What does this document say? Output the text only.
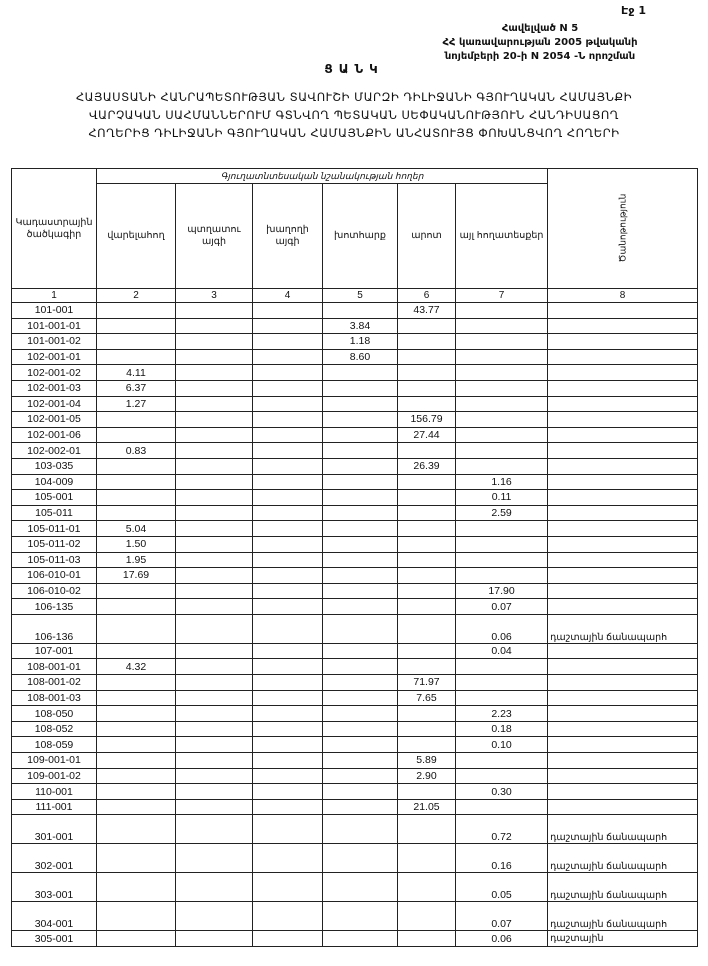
Էջ 1
Հավելված N 5
ՀՀ կառավարության 2005 թվականի
նոյեմբերի 20-ի N 2054 -Ն որոշման
ՑԱՆԿ
ՀԱՅԱՍՏԱՆԻ ՀԱՆՐԱՊԵՏՈՒԹՅԱՆ ՏԱՎՈՒՇԻ ՄԱՐԶԻ ԴԻԼԻՋԱՆԻ ԳՅՈՒՂԱԿԱՆ ՀԱՄԱՅՆՔԻ
ՎԱՐՉԱԿԱՆ ՍԱՀՄԱՆՆԵՐՈՒՄ ԳՏՆՎՈՂ ՊԵՏԱԿԱՆ ՍԵՓԱԿԱՆՈՒԹՅՈՒՆ ՀԱՆԴԻՍԱՑՈՂ
ՀՈՂԵՐԻՑ ԴԻԼԻՋԱՆԻ ԳՅՈՒՂԱԿԱՆ ՀԱՄԱՅՆՔԻՆ ԱՆՀԱՏՈՒՅՑ ՓՈԽԱՆՑՎՈՂ ՀՈՂԵՐԻ
Կադաստրային ծածկագիր	Գյուղատնտեսական նշանակության հողեր						Ծանոթություն
	վարելահող	պտղատու այգի	խաղողի այգի	խոտհարք	արոտ	այլ հողատեսքեր	
1	2	3	4	5	6	7	8
101-001					43.77		
101-001-01				3.84			
101-001-02				1.18			
102-001-01				8.60			
102-001-02	4.11						
102-001-03	6.37						
102-001-04	1.27						
102-001-05					156.79		
102-001-06					27.44		
102-002-01	0.83						
103-035					26.39		
104-009						1.16	
105-001						0.11	
105-011						2.59	
105-011-01	5.04						
105-011-02	1.50						
105-011-03	1.95						
106-010-01	17.69						
106-010-02						17.90	
106-135						0.07	
106-136						0.06	դաշտային ճանապարհ
107-001						0.04	
108-001-01	4.32						
108-001-02					71.97		
108-001-03					7.65		
108-050						2.23	
108-052						0.18	
108-059						0.10	
109-001-01					5.89		
109-001-02					2.90		
110-001						0.30	
111-001					21.05		
301-001						0.72	դաշտային ճանապարհ
302-001						0.16	դաշտային ճանապարհ
303-001						0.05	դաշտային ճանապարհ
304-001						0.07	դաշտային ճանապարհ
305-001						0.06	դաշտային
